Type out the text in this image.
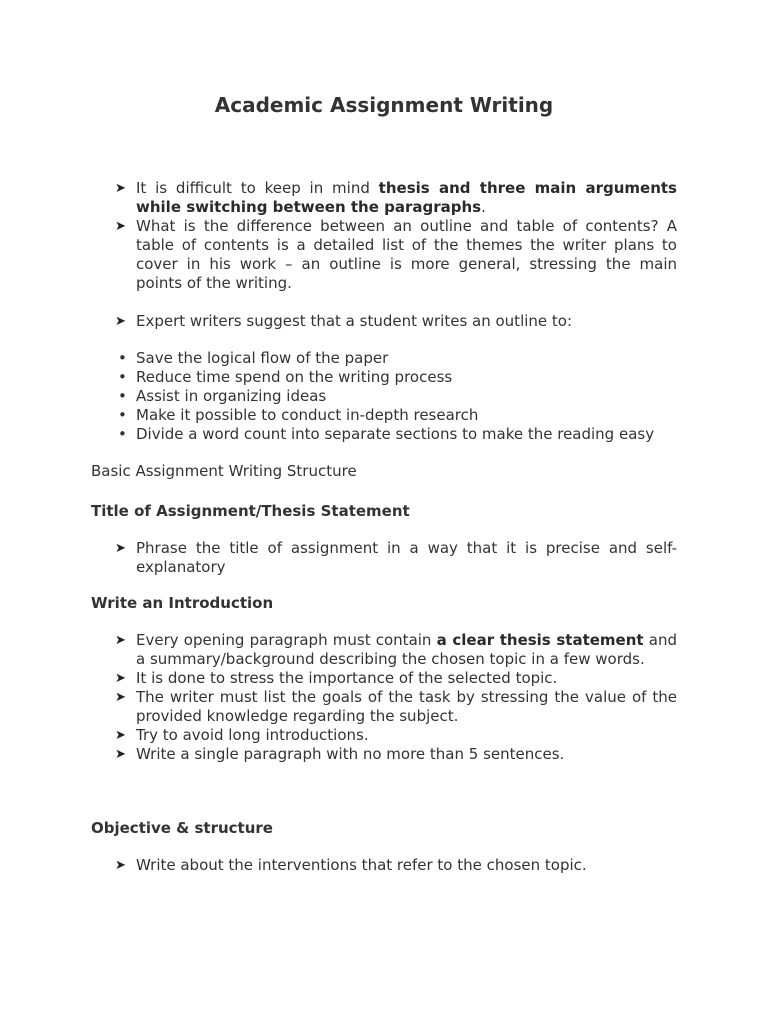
Academic Assignment Writing
➤ It is difficult to keep in mind thesis and three main arguments while switching between the paragraphs.
➤ What is the difference between an outline and table of contents? A table of contents is a detailed list of the themes the writer plans to cover in his work – an outline is more general, stressing the main points of the writing.
➤ Expert writers suggest that a student writes an outline to:
• Save the logical flow of the paper
• Reduce time spend on the writing process
• Assist in organizing ideas
• Make it possible to conduct in-depth research
• Divide a word count into separate sections to make the reading easy
Basic Assignment Writing Structure
Title of Assignment/Thesis Statement
➤ Phrase the title of assignment in a way that it is precise and self-explanatory
Write an Introduction
➤ Every opening paragraph must contain a clear thesis statement and a summary/background describing the chosen topic in a few words.
➤ It is done to stress the importance of the selected topic.
➤ The writer must list the goals of the task by stressing the value of the provided knowledge regarding the subject.
➤ Try to avoid long introductions.
➤ Write a single paragraph with no more than 5 sentences.
Objective & structure
➤ Write about the interventions that refer to the chosen topic.
